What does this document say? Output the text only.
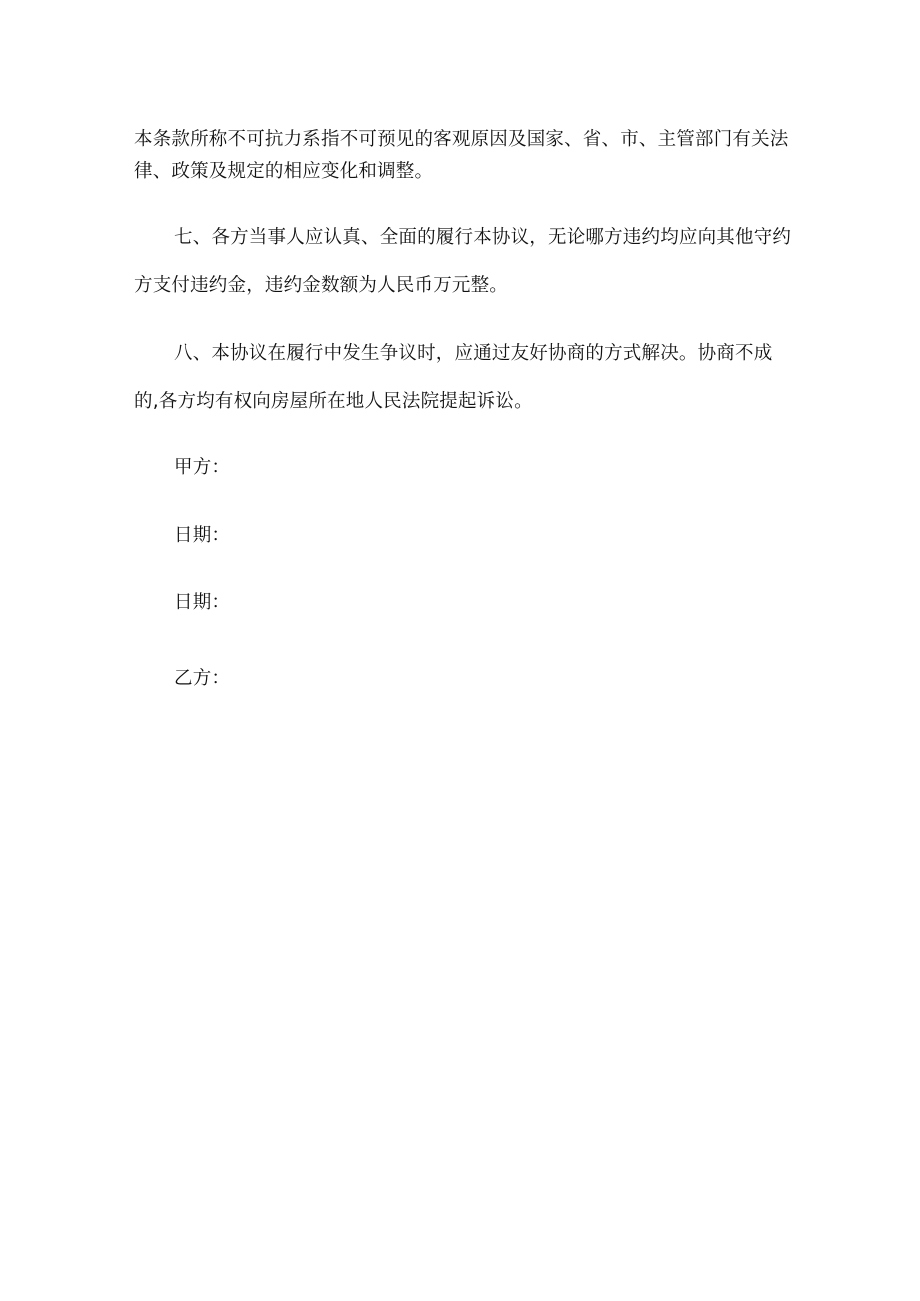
本条款所称不可抗力系指不可预见的客观原因及国家、省、市、主管部门有关法
律、政策及规定的相应变化和调整。
七、各方当事人应认真、全面的履行本协议，无论哪方违约均应向其他守约
方支付违约金，违约金数额为人民币万元整。
八、本协议在履行中发生争议时，应通过友好协商的方式解决。协商不成
的,各方均有权向房屋所在地人民法院提起诉讼。
甲方：
日期：
日期：
乙方：
